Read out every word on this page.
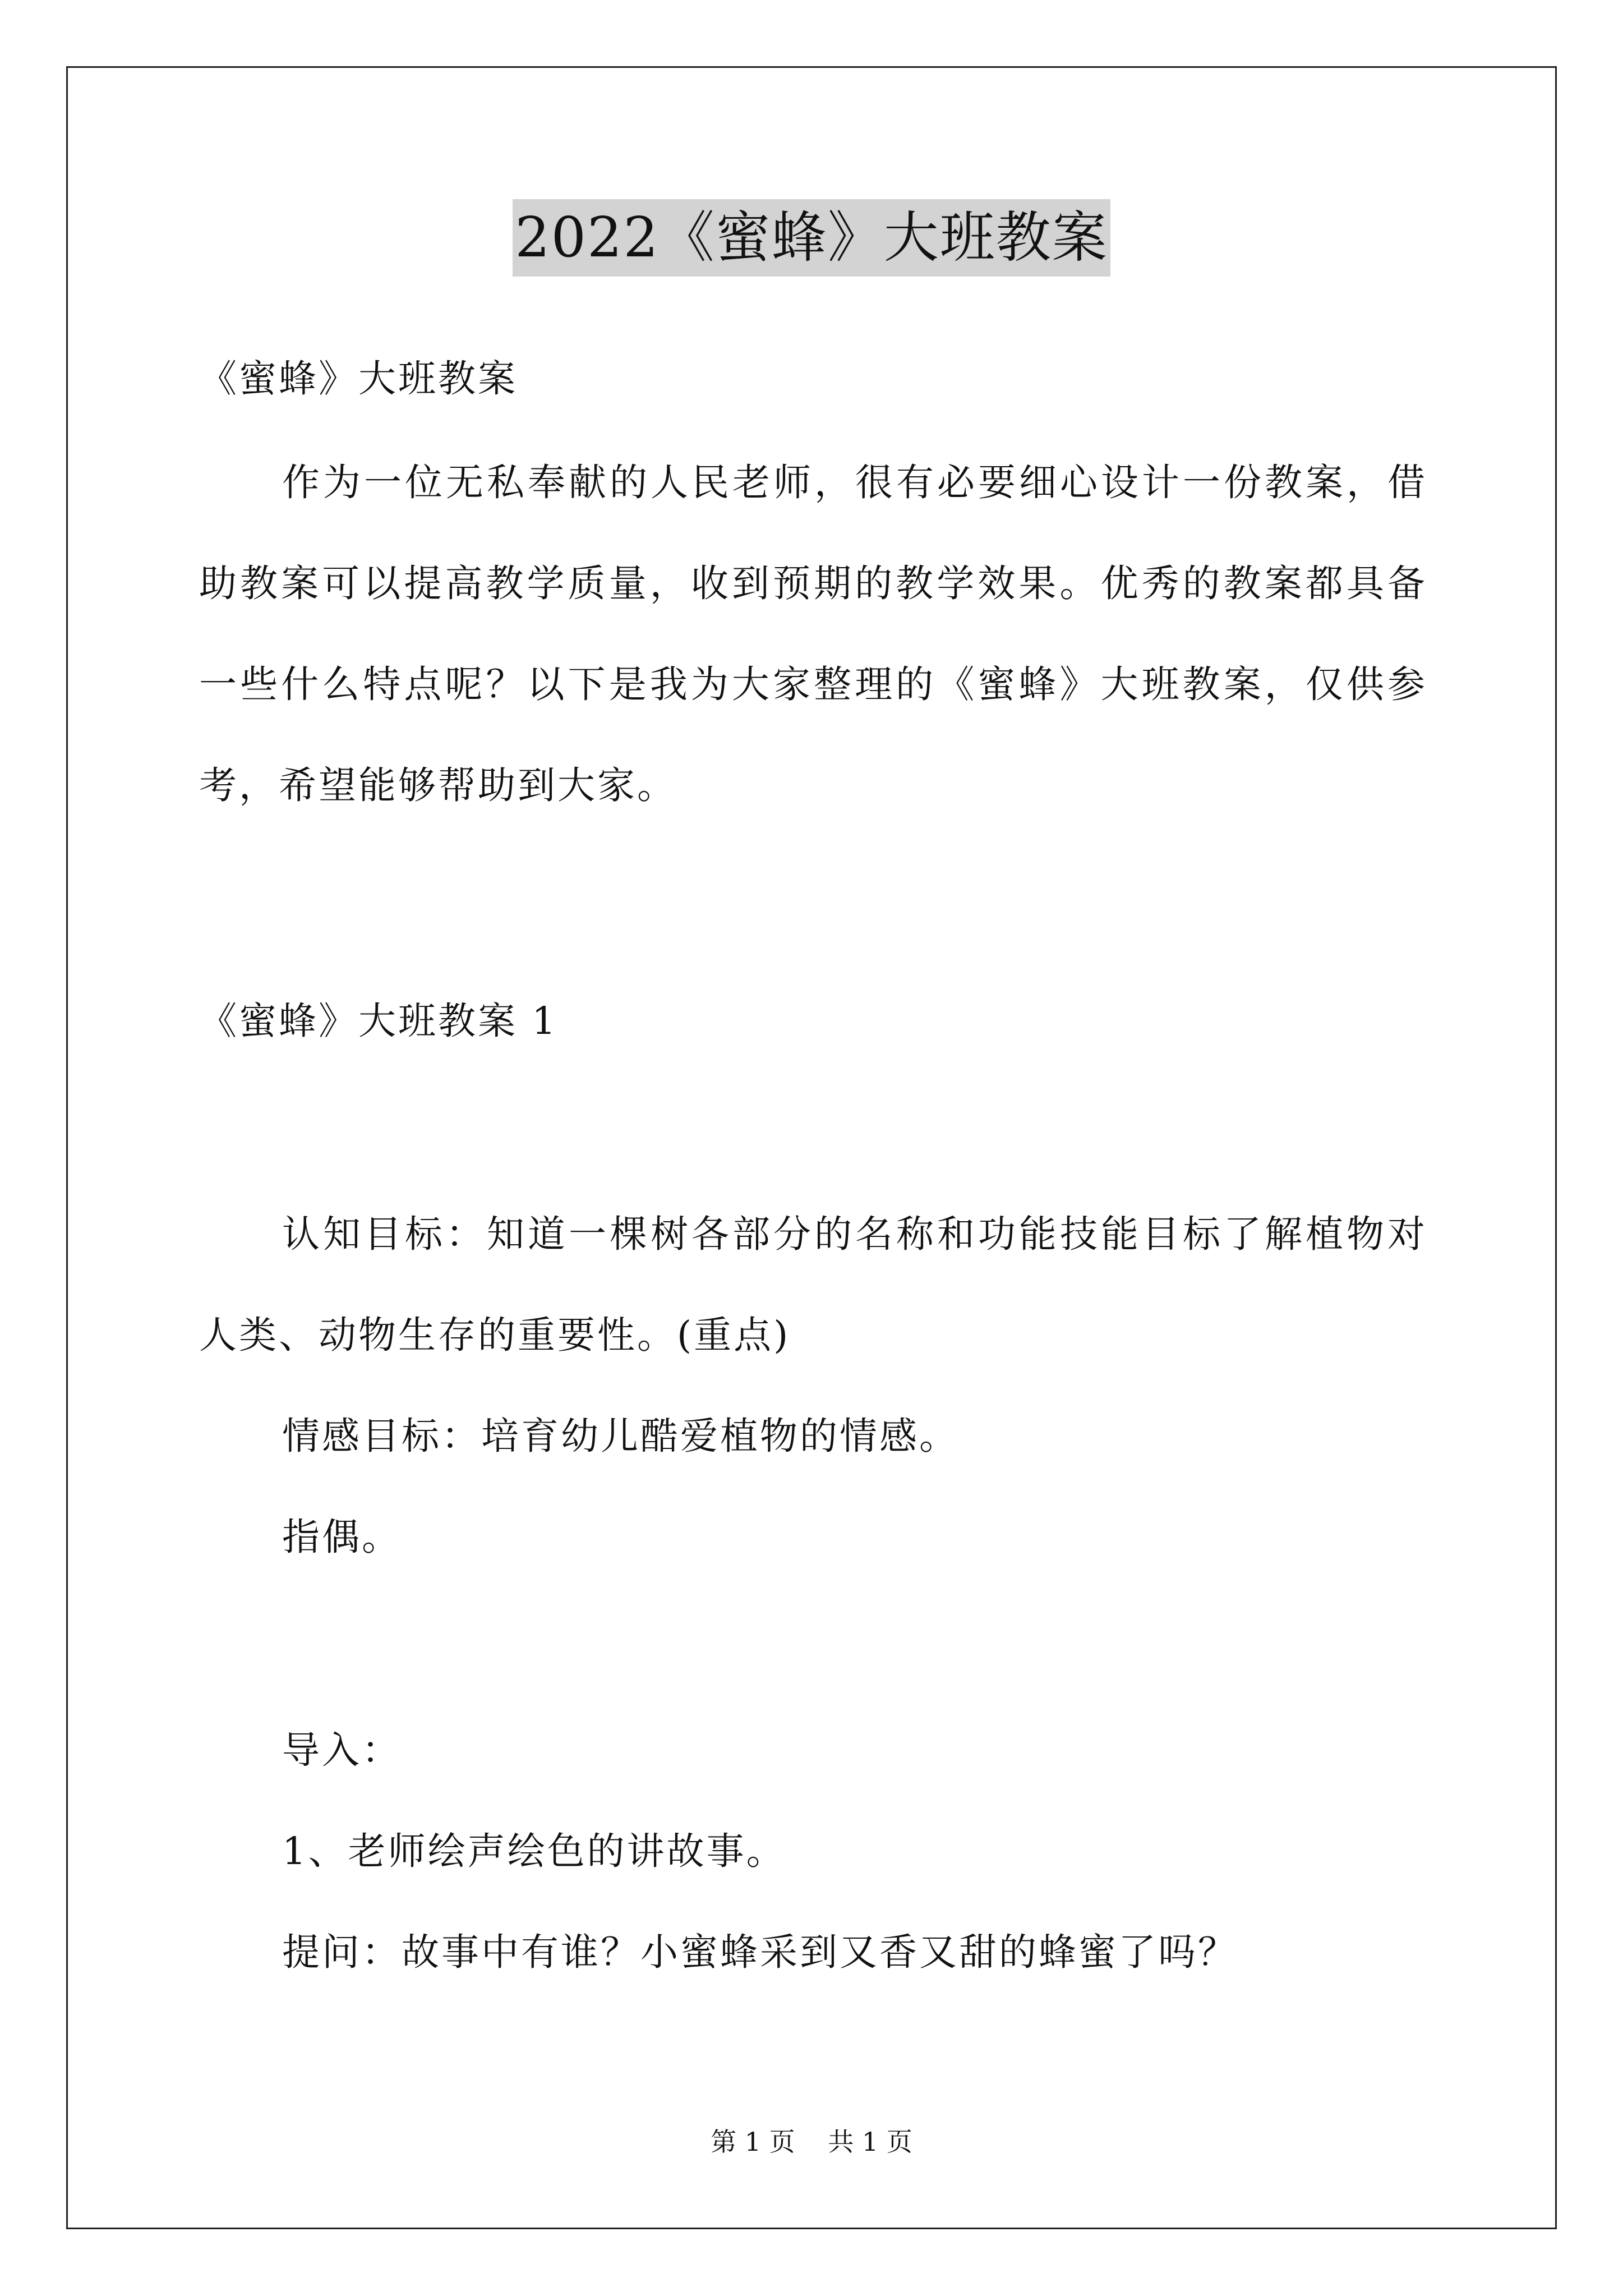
2022《蜜蜂》大班教案
《蜜蜂》大班教案
作为一位无私奉献的人民老师，很有必要细心设计一份教案，借
助教案可以提高教学质量，收到预期的教学效果。优秀的教案都具备
一些什么特点呢？以下是我为大家整理的《蜜蜂》大班教案，仅供参
考，希望能够帮助到大家。
《蜜蜂》大班教案 1
认知目标：知道一棵树各部分的名称和功能技能目标了解植物对
人类、动物生存的重要性。(重点)
情感目标：培育幼儿酷爱植物的情感。
指偶。
导入：
1、老师绘声绘色的讲故事。
提问：故事中有谁？小蜜蜂采到又香又甜的蜂蜜了吗？
第 1 页 共 1 页
